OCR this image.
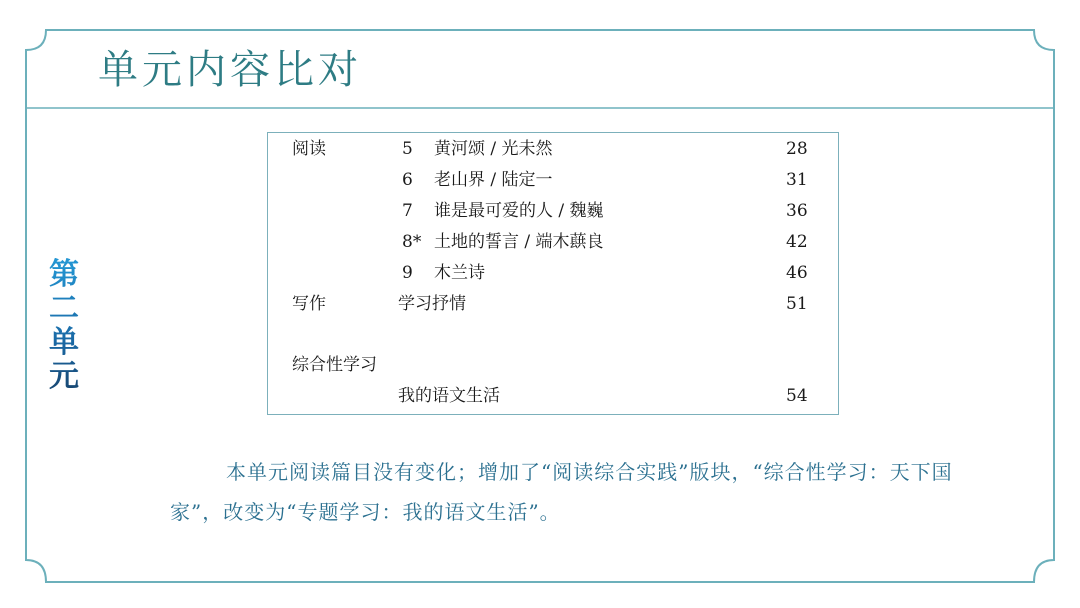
单元内容比对
第
二
单
元
阅读	5 黄河颂 / 光未然	28
6 老山界 / 陆定一	31
7 谁是最可爱的人 / 魏巍	36
8* 土地的誓言 / 端木蕻良	42
9 木兰诗	46
写作	学习抒情	51
综合性学习
我的语文生活	54

本单元阅读篇目没有变化；增加了“阅读综合实践”版块，“综合性学习：天下国家”，改变为“专题学习：我的语文生活”。
